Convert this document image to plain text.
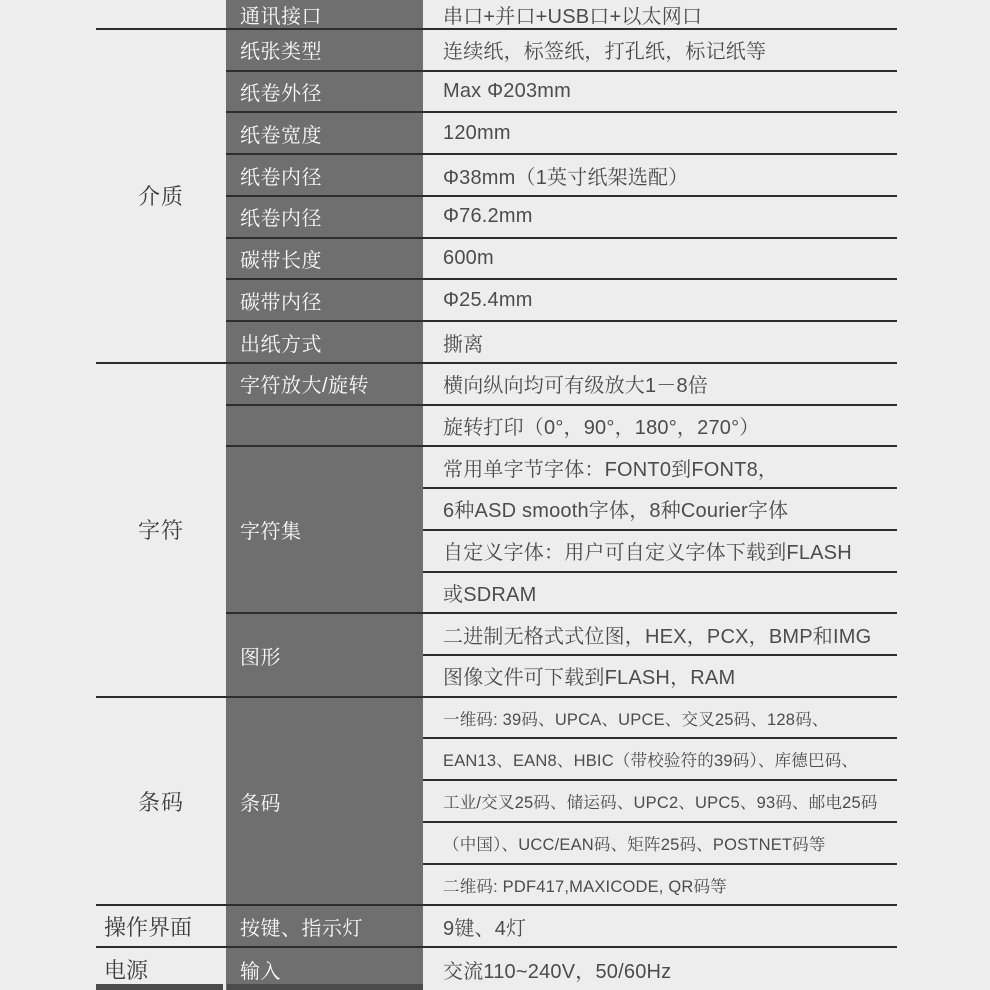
介质
字符
条码
操作界面
电源
通讯接口
纸张类型
纸卷外径
纸卷宽度
纸卷内径
纸卷内径
碳带长度
碳带内径
出纸方式
字符放大/旋转
字符集
图形
条码
按键、指示灯
输入
串口+并口+USB口+以太网口
连续纸，标签纸，打孔纸，标记纸等
Max Φ203mm
120mm
Φ38mm（1英寸纸架选配）
Φ76.2mm
600m
Φ25.4mm
撕离
横向纵向均可有级放大1－8倍
旋转打印（0°，90°，180°，270°）
常用单字节字体：FONT0到FONT8，
6种ASD smooth字体，8种Courier字体
自定义字体：用户可自定义字体下载到FLASH
或SDRAM
二进制无格式式位图，HEX，PCX，BMP和IMG
图像文件可下载到FLASH，RAM
一维码: 39码、UPCA、UPCE、交叉25码、128码、
EAN13、EAN8、HBIC（带校验符的39码）、库德巴码、
工业/交叉25码、储运码、UPC2、UPC5、93码、邮电25码
（中国）、UCC/EAN码、矩阵25码、POSTNET码等
二维码: PDF417,MAXICODE, QR码等
9键、4灯
交流110~240V，50/60Hz
